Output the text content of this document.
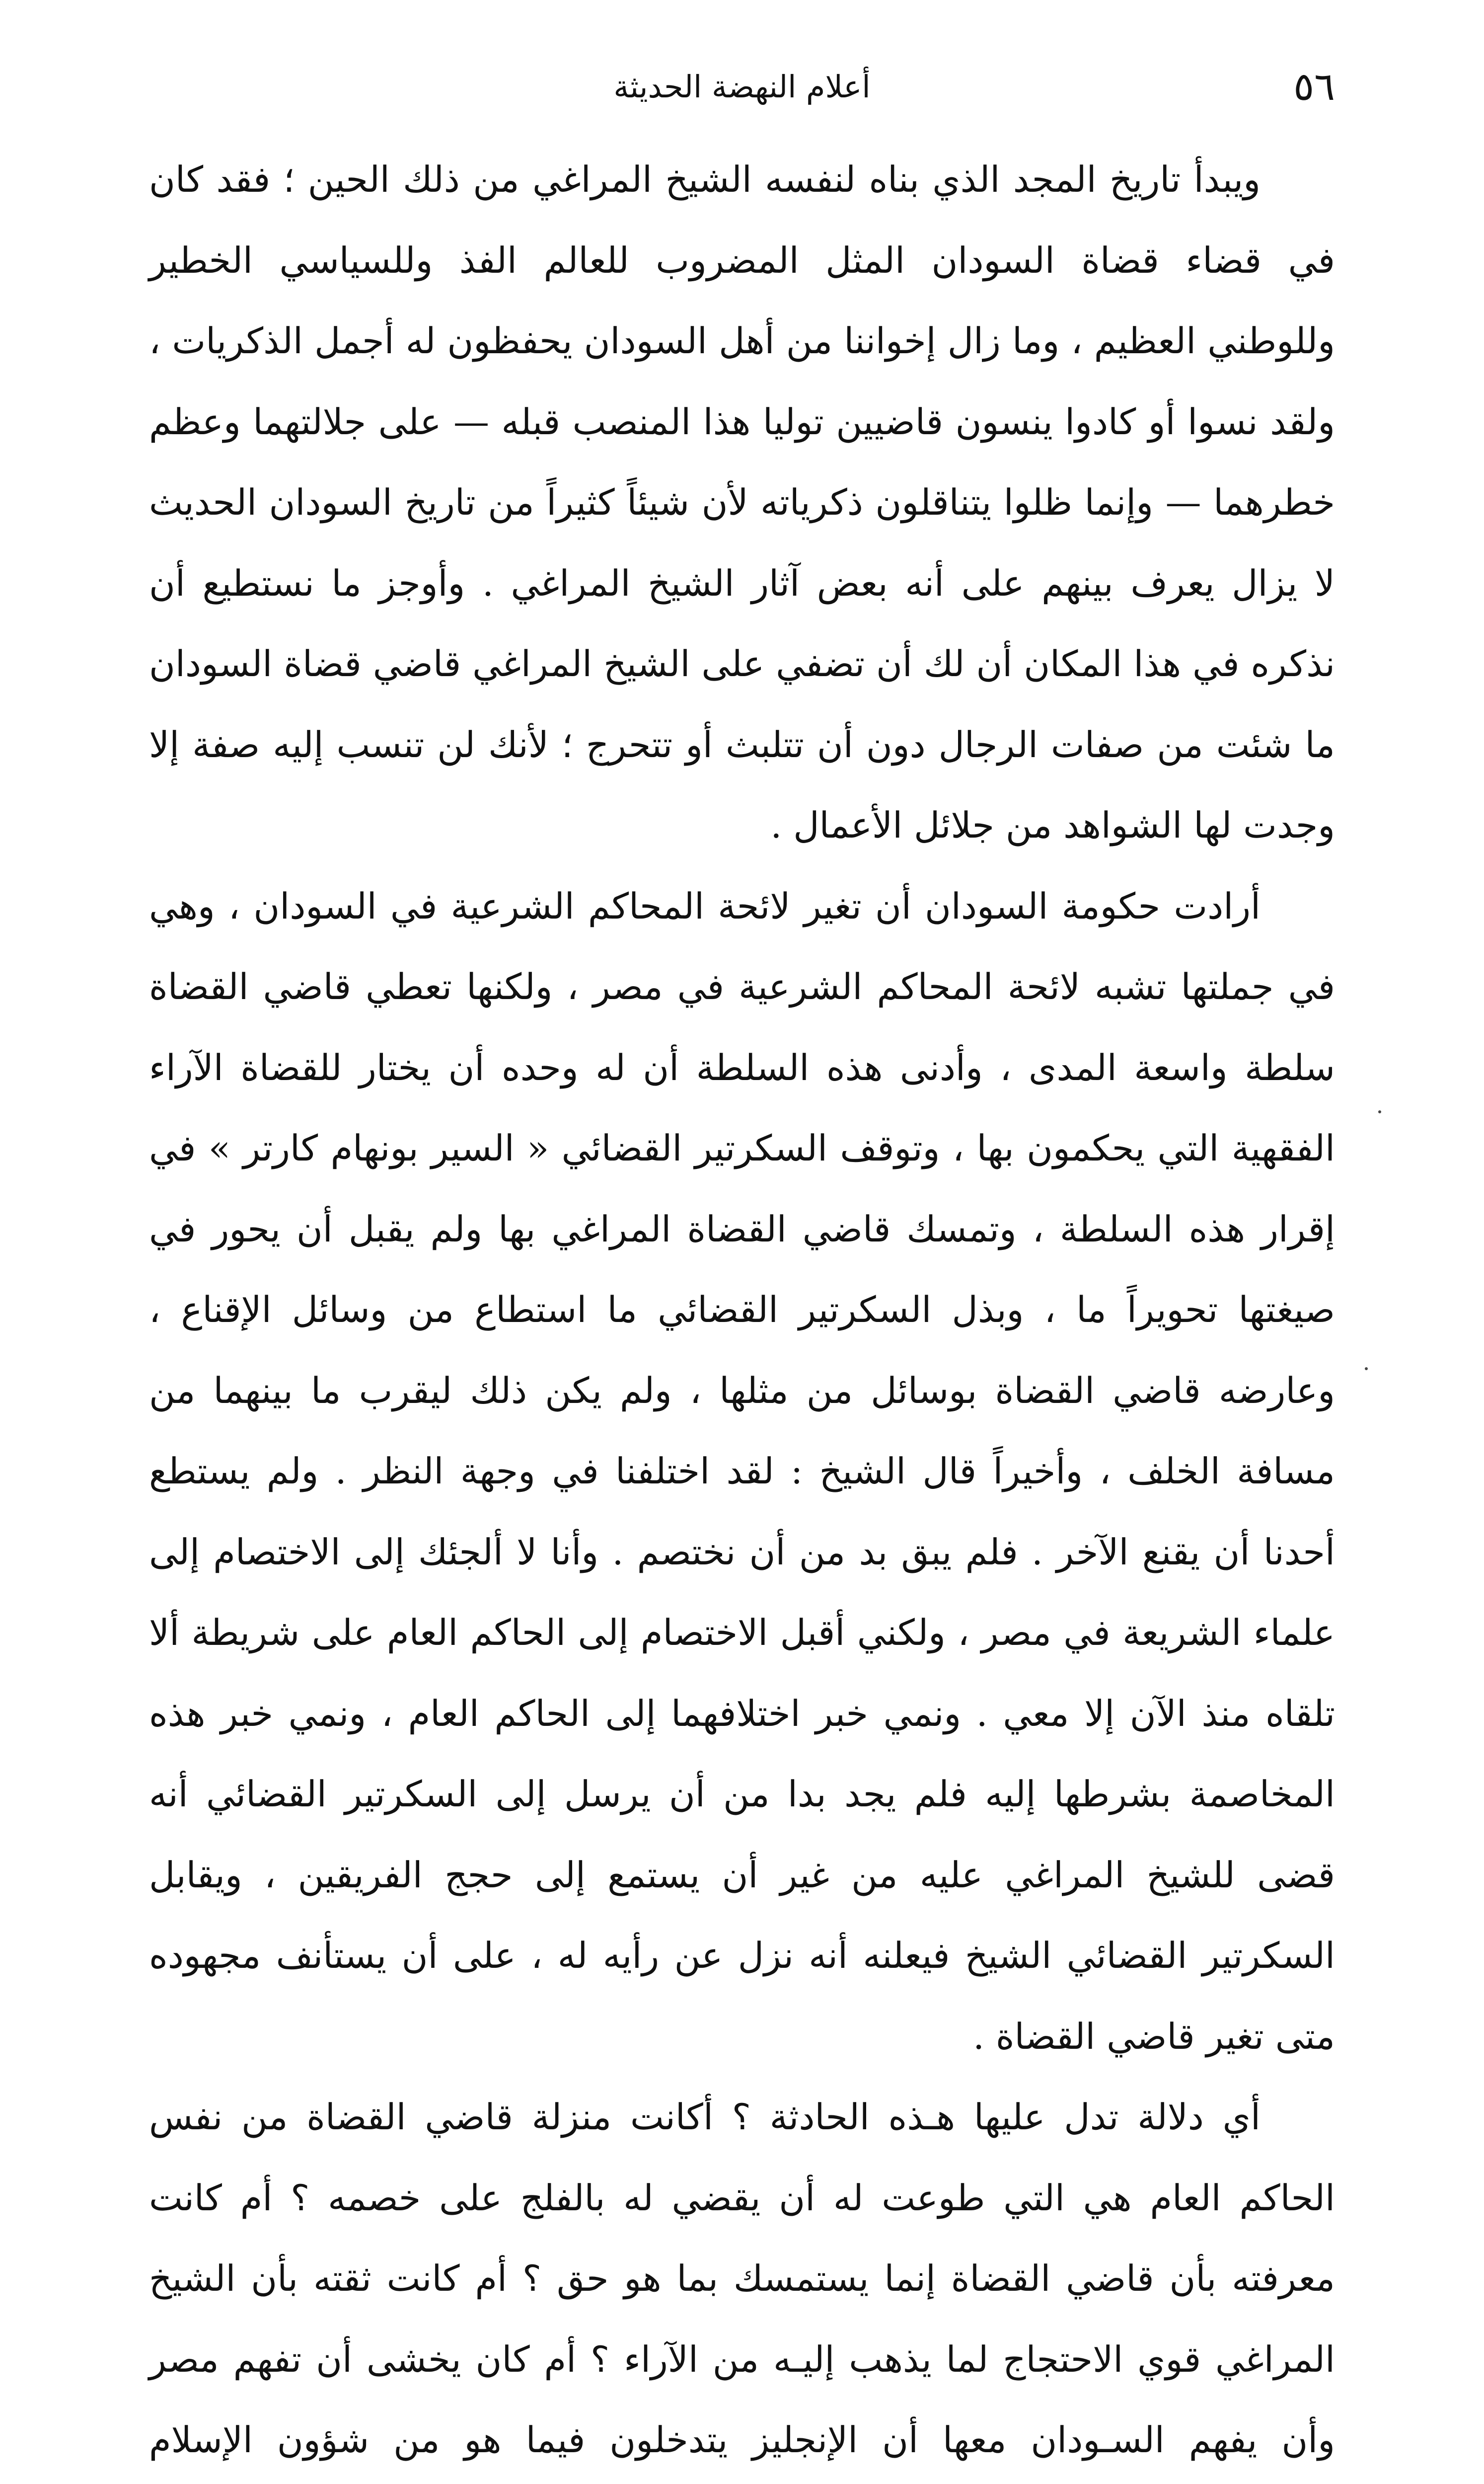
٥٦
أعلام النهضة الحديثة

ويبدأ تاريخ المجد الذي بناه لنفسه الشيخ المراغي من ذلك الحين ؛ فقد كان في قضاء قضاة السودان المثل المضروب للعالم الفذ وللسياسي الخطير وللوطني العظيم ، وما زال إخواننا من أهل السودان يحفظون له أجمل الذكريات ، ولقد نسوا أو كادوا ينسون قاضيين توليا هذا المنصب قبله — على جلالتهما وعظم خطرهما — وإنما ظلوا يتناقلون ذكرياته لأن شيئاً كثيراً من تاريخ السودان الحديث لا يزال يعرف بينهم على أنه بعض آثار الشيخ المراغي . وأوجز ما نستطيع أن نذكره في هذا المكان أن لك أن تضفي على الشيخ المراغي قاضي قضاة السودان ما شئت من صفات الرجال دون أن تتلبث أو تتحرج ؛ لأنك لن تنسب إليه صفة إلا وجدت لها الشواهد من جلائل الأعمال .

أرادت حكومة السودان أن تغير لائحة المحاكم الشرعية في السودان ، وهي في جملتها تشبه لائحة المحاكم الشرعية في مصر ، ولكنها تعطي قاضي القضاة سلطة واسعة المدى ، وأدنى هذه السلطة أن له وحده أن يختار للقضاة الآراء الفقهية التي يحكمون بها ، وتوقف السكرتير القضائي « السير بونهام كارتر » في إقرار هذه السلطة ، وتمسك قاضي القضاة المراغي بها ولم يقبل أن يحور في صيغتها تحويراً ما ، وبذل السكرتير القضائي ما استطاع من وسائل الإقناع ، وعارضه قاضي القضاة بوسائل من مثلها ، ولم يكن ذلك ليقرب ما بينهما من مسافة الخلف ، وأخيراً قال الشيخ : لقد اختلفنا في وجهة النظر . ولم يستطع أحدنا أن يقنع الآخر . فلم يبق بد من أن نختصم . وأنا لا ألجئك إلى الاختصام إلى علماء الشريعة في مصر ، ولكني أقبل الاختصام إلى الحاكم العام على شريطة ألا تلقاه منذ الآن إلا معي . ونمي خبر اختلافهما إلى الحاكم العام ، ونمي خبر هذه المخاصمة بشرطها إليه فلم يجد بدا من أن يرسل إلى السكرتير القضائي أنه قضى للشيخ المراغي عليه من غير أن يستمع إلى حجج الفريقين ، ويقابل السكرتير القضائي الشيخ فيعلنه أنه نزل عن رأيه له ، على أن يستأنف مجهوده متى تغير قاضي القضاة .

أي دلالة تدل عليها هـذه الحادثة ؟ أكانت منزلة قاضي القضاة من نفس الحاكم العام هي التي طوعت له أن يقضي له بالفلج على خصمه ؟ أم كانت معرفته بأن قاضي القضاة إنما يستمسك بما هو حق ؟ أم كانت ثقته بأن الشيخ المراغي قوي الاحتجاج لما يذهب إليـه من الآراء ؟ أم كان يخشى أن تفهم مصر وأن يفهم السـودان معها أن الإنجليز يتدخلون فيما هو من شؤون الإسلام
